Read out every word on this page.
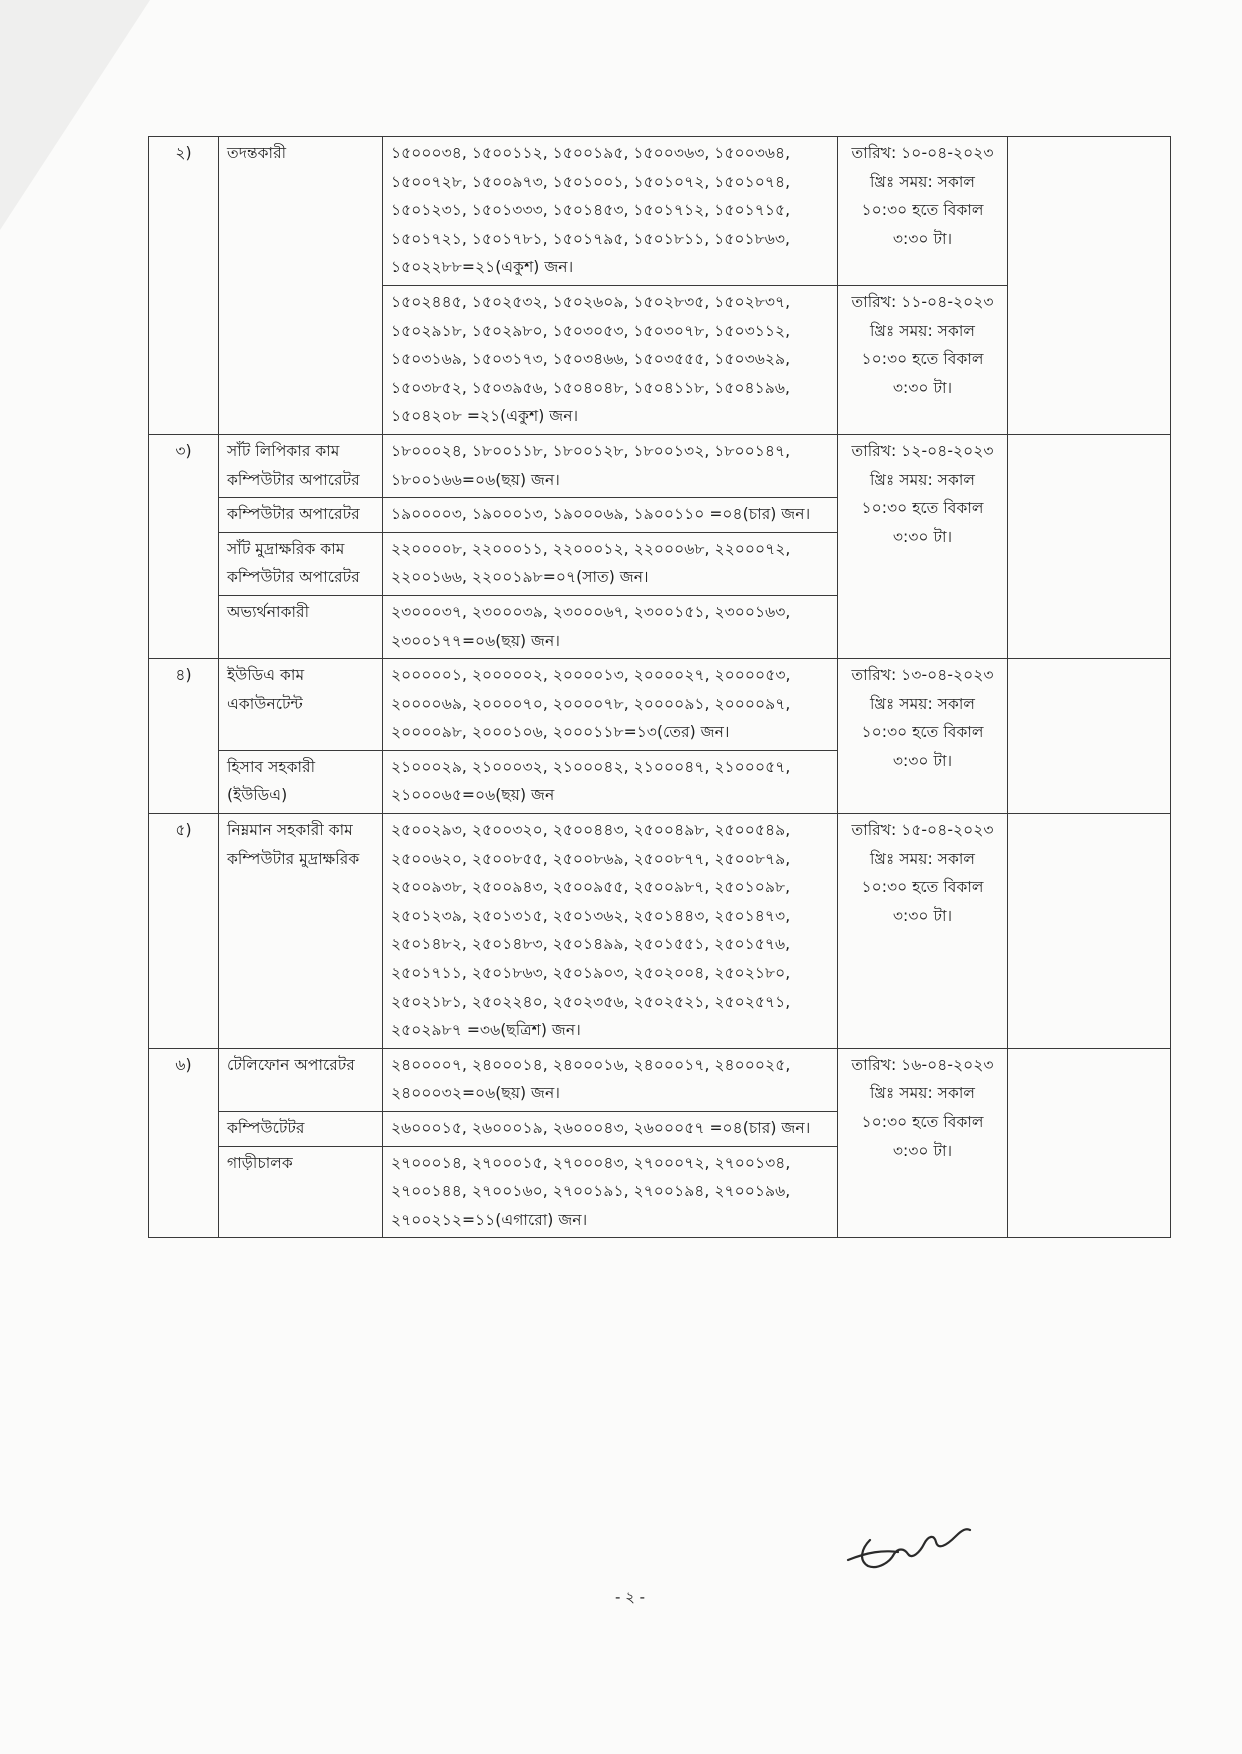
২)	তদন্তকারী	১৫০০০৩৪, ১৫০০১১২, ১৫০০১৯৫, ১৫০০৩৬৩, ১৫০০৩৬৪, ১৫০০৭২৮, ১৫০০৯৭৩, ১৫০১০০১, ১৫০১০৭২, ১৫০১০৭৪, ১৫০১২৩১, ১৫০১৩৩৩, ১৫০১৪৫৩, ১৫০১৭১২, ১৫০১৭১৫, ১৫০১৭২১, ১৫০১৭৮১, ১৫০১৭৯৫, ১৫০১৮১১, ১৫০১৮৬৩, ১৫০২২৮৮=২১(একুশ) জন।	তারিখ: ১০-০৪-২০২৩ খ্রিঃ সময়: সকাল ১০:৩০ হতে বিকাল ৩:৩০ টা।	
		১৫০২৪৪৫, ১৫০২৫৩২, ১৫০২৬০৯, ১৫০২৮৩৫, ১৫০২৮৩৭, ১৫০২৯১৮, ১৫০২৯৮০, ১৫০৩০৫৩, ১৫০৩০৭৮, ১৫০৩১১২, ১৫০৩১৬৯, ১৫০৩১৭৩, ১৫০৩৪৬৬, ১৫০৩৫৫৫, ১৫০৩৬২৯, ১৫০৩৮৫২, ১৫০৩৯৫৬, ১৫০৪০৪৮, ১৫০৪১১৮, ১৫০৪১৯৬, ১৫০৪২০৮ =২১(একুশ) জন।	তারিখ: ১১-০৪-২০২৩ খ্রিঃ সময়: সকাল ১০:৩০ হতে বিকাল ৩:৩০ টা।	
৩)	সাঁট লিপিকার কাম কম্পিউটার অপারেটর	১৮০০০২৪, ১৮০০১১৮, ১৮০০১২৮, ১৮০০১৩২, ১৮০০১৪৭, ১৮০০১৬৬=০৬(ছয়) জন।	তারিখ: ১২-০৪-২০২৩ খ্রিঃ সময়: সকাল ১০:৩০ হতে বিকাল ৩:৩০ টা।	
	কম্পিউটার অপারেটর	১৯০০০০৩, ১৯০০০১৩, ১৯০০০৬৯, ১৯০০১১০ =০৪(চার) জন।		
	সাঁট মুদ্রাক্ষরিক কাম কম্পিউটার অপারেটর	২২০০০০৮, ২২০০০১১, ২২০০০১২, ২২০০০৬৮, ২২০০০৭২, ২২০০১৬৬, ২২০০১৯৮=০৭(সাত) জন।		
	অভ্যর্থনাকারী	২৩০০০৩৭, ২৩০০০৩৯, ২৩০০০৬৭, ২৩০০১৫১, ২৩০০১৬৩, ২৩০০১৭৭=০৬(ছয়) জন।		
৪)	ইউডিএ কাম একাউনটেন্ট	২০০০০০১, ২০০০০০২, ২০০০০১৩, ২০০০০২৭, ২০০০০৫৩, ২০০০০৬৯, ২০০০০৭০, ২০০০০৭৮, ২০০০০৯১, ২০০০০৯৭, ২০০০০৯৮, ২০০০১০৬, ২০০০১১৮=১৩(তের) জন।	তারিখ: ১৩-০৪-২০২৩ খ্রিঃ সময়: সকাল ১০:৩০ হতে বিকাল ৩:৩০ টা।	
	হিসাব সহকারী (ইউডিএ)	২১০০০২৯, ২১০০০৩২, ২১০০০৪২, ২১০০০৪৭, ২১০০০৫৭, ২১০০০৬৫=০৬(ছয়) জন		
৫)	নিম্নমান সহকারী কাম কম্পিউটার মুদ্রাক্ষরিক	২৫০০২৯৩, ২৫০০৩২০, ২৫০০৪৪৩, ২৫০০৪৯৮, ২৫০০৫৪৯, ২৫০০৬২০, ২৫০০৮৫৫, ২৫০০৮৬৯, ২৫০০৮৭৭, ২৫০০৮৭৯, ২৫০০৯৩৮, ২৫০০৯৪৩, ২৫০০৯৫৫, ২৫০০৯৮৭, ২৫০১০৯৮, ২৫০১২৩৯, ২৫০১৩১৫, ২৫০১৩৬২, ২৫০১৪৪৩, ২৫০১৪৭৩, ২৫০১৪৮২, ২৫০১৪৮৩, ২৫০১৪৯৯, ২৫০১৫৫১, ২৫০১৫৭৬, ২৫০১৭১১, ২৫০১৮৬৩, ২৫০১৯০৩, ২৫০২০০৪, ২৫০২১৮০, ২৫০২১৮১, ২৫০২২৪০, ২৫০২৩৫৬, ২৫০২৫২১, ২৫০২৫৭১, ২৫০২৯৮৭ =৩৬(ছত্রিশ) জন।	তারিখ: ১৫-০৪-২০২৩ খ্রিঃ সময়: সকাল ১০:৩০ হতে বিকাল ৩:৩০ টা।	
৬)	টেলিফোন অপারেটর	২৪০০০০৭, ২৪০০০১৪, ২৪০০০১৬, ২৪০০০১৭, ২৪০০০২৫, ২৪০০০৩২=০৬(ছয়) জন।	তারিখ: ১৬-০৪-২০২৩ খ্রিঃ সময়: সকাল ১০:৩০ হতে বিকাল ৩:৩০ টা।	
	কম্পিউটেটর	২৬০০০১৫, ২৬০০০১৯, ২৬০০০৪৩, ২৬০০০৫৭ =০৪(চার) জন।		
	গাড়ীচালক	২৭০০০১৪, ২৭০০০১৫, ২৭০০০৪৩, ২৭০০০৭২, ২৭০০১৩৪, ২৭০০১৪৪, ২৭০০১৬০, ২৭০০১৯১, ২৭০০১৯৪, ২৭০০১৯৬, ২৭০০২১২=১১(এগারো) জন।		
- ২ -
